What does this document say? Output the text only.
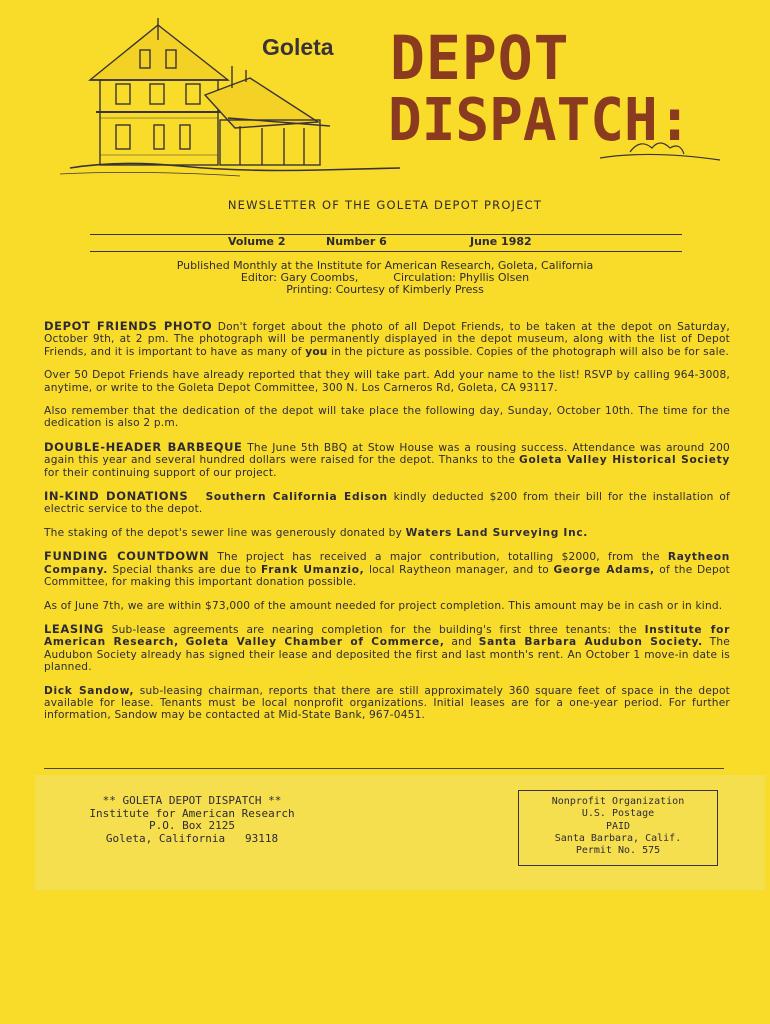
Goleta DEPOT
DISPATCH:
NEWSLETTER OF THE GOLETA DEPOT PROJECT
Volume 2	Number 6	June 1982
Published Monthly at the Institute for American Research, Goleta, California
Editor: Gary Coombs,          Circulation: Phyllis Olsen
Printing: Courtesy of Kimberly Press

DEPOT FRIENDS PHOTO Don't forget about the photo of all Depot Friends, to be taken at the depot on Saturday, October 9th, at 2 pm. The photograph will be permanently displayed in the depot museum, along with the list of Depot Friends, and it is important to have as many of you in the picture as possible. Copies of the photograph will also be for sale.

Over 50 Depot Friends have already reported that they will take part. Add your name to the list! RSVP by calling 964-3008, anytime, or write to the Goleta Depot Committee, 300 N. Los Carneros Rd, Goleta, CA 93117.

Also remember that the dedication of the depot will take place the following day, Sunday, October 10th. The time for the dedication is also 2 p.m.

DOUBLE-HEADER BARBEQUE The June 5th BBQ at Stow House was a rousing success. Attendance was around 200 again this year and several hundred dollars were raised for the depot. Thanks to the Goleta Valley Historical Society for their continuing support of our project.

IN-KIND DONATIONS Southern California Edison kindly deducted $200 from their bill for the installation of electric service to the depot.

The staking of the depot's sewer line was generously donated by Waters Land Surveying Inc.

FUNDING COUNTDOWN The project has received a major contribution, totalling $2000, from the Raytheon Company. Special thanks are due to Frank Umanzio, local Raytheon manager, and to George Adams, of the Depot Committee, for making this important donation possible.

As of June 7th, we are within $73,000 of the amount needed for project completion. This amount may be in cash or in kind.

LEASING Sub-lease agreements are nearing completion for the building's first three tenants: the Institute for American Research, Goleta Valley Chamber of Commerce, and Santa Barbara Audubon Society. The Audubon Society already has signed their lease and deposited the first and last month's rent. An October 1 move-in date is planned.

Dick Sandow, sub-leasing chairman, reports that there are still approximately 360 square feet of space in the depot available for lease. Tenants must be local nonprofit organizations. Initial leases are for a one-year period. For further information, Sandow may be contacted at Mid-State Bank, 967-0451.

** GOLETA DEPOT DISPATCH **
Institute for American Research
P.O. Box 2125
Goleta, California   93118
Nonprofit Organization
U.S. Postage
PAID
Santa Barbara, Calif.
Permit No. 575
